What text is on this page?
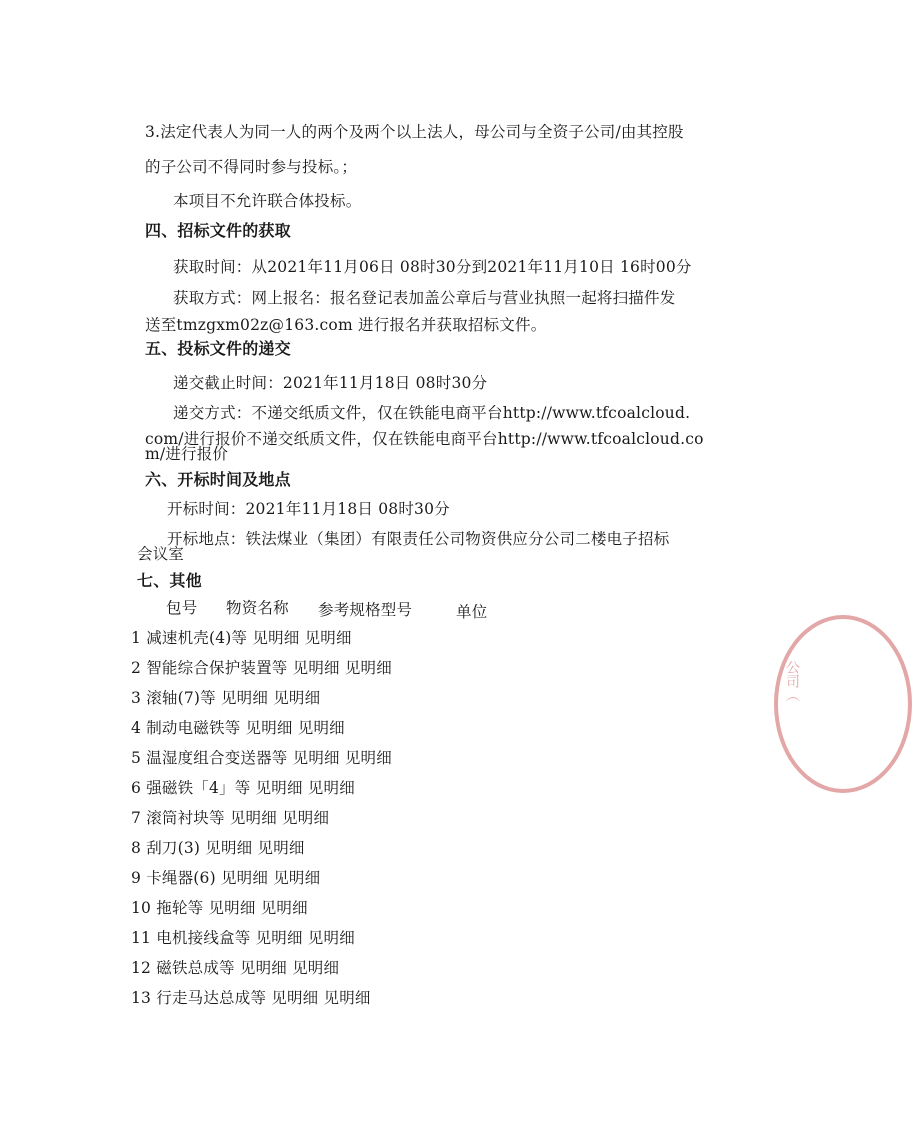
3.法定代表人为同一人的两个及两个以上法人，母公司与全资子公司/由其控股
的子公司不得同时参与投标。；
本项目不允许联合体投标。
四、招标文件的获取
获取时间：从2021年11月06日 08时30分到2021年11月10日 16时00分
获取方式：网上报名：报名登记表加盖公章后与营业执照一起将扫描件发
送至tmzgxm02z@163.com 进行报名并获取招标文件。
五、投标文件的递交
递交截止时间：2021年11月18日 08时30分
递交方式：不递交纸质文件，仅在铁能电商平台http://www.tfcoalcloud.
com/进行报价不递交纸质文件，仅在铁能电商平台http://www.tfcoalcloud.co
m/进行报价
六、开标时间及地点
开标时间：2021年11月18日 08时30分
开标地点：铁法煤业（集团）有限责任公司物资供应分公司二楼电子招标
会议室
七、其他
包号 物资名称 参考规格型号	单位
1 减速机壳(4)等 见明细 见明细
2 智能综合保护装置等 见明细 见明细
3 滚轴(7)等 见明细 见明细
4 制动电磁铁等 见明细 见明细
5 温湿度组合变送器等 见明细 见明细
6 强磁铁「4」等 见明细 见明细
7 滚筒衬块等 见明细 见明细
8 刮刀(3) 见明细 见明细
9 卡绳器(6) 见明细 见明细
10 拖轮等 见明细 见明细
11 电机接线盒等 见明细 见明细
12 磁铁总成等 见明细 见明细
13 行走马达总成等 见明细 见明细
公司（
